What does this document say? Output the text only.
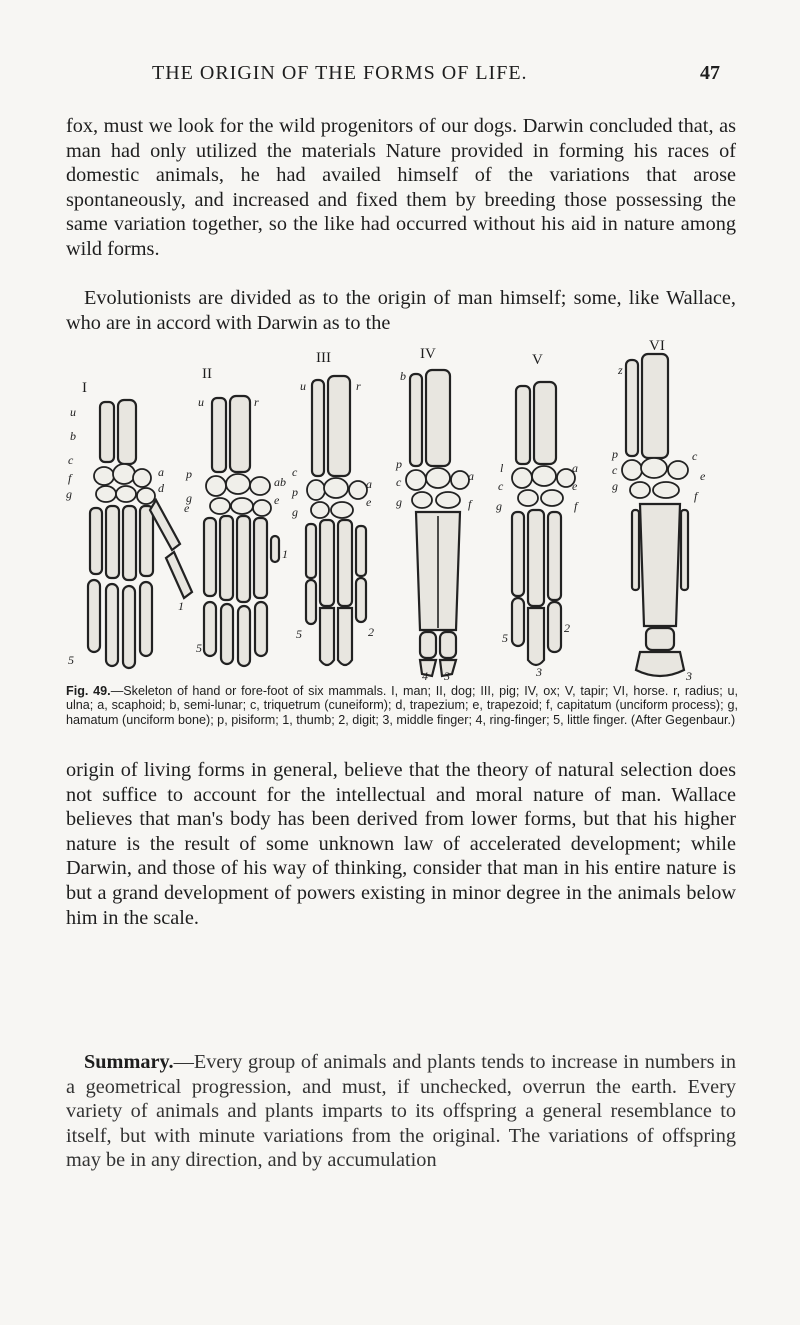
THE ORIGIN OF THE FORMS OF LIFE.	47

fox, must we look for the wild progenitors of our dogs. Darwin concluded that, as man had only utilized the materials Nature provided in forming his races of domestic animals, he had availed himself of the variations that arose spontaneously, and increased and fixed them by breeding those possessing the same variation together, so the like had occurred without his aid in nature among wild forms.

Evolutionists are divided as to the origin of man himself; some, like Wallace, who are in accord with Darwin as to the

I
II
III	IV	V
VI
u
b
c
f
g
a
d
e
1
5
u	r
p
g
ab
e
1
5
u	r
c
p
g
a
e
5	2
b
p
c
g
a
f
4 3
l
c
g
a
e
f
5
2
3
z
p
c
g
c
e
f
3

Fig. 49.—Skeleton of hand or fore-foot of six mammals. I, man; II, dog; III, pig; IV, ox; V, tapir; VI, horse. r, radius; u, ulna; a, scaphoid; b, semi-lunar; c, triquetrum (cuneiform); d, trapezium; e, trapezoid; f, capitatum (unciform process); g, hamatum (unciform bone); p, pisiform; 1, thumb; 2, digit; 3, middle finger; 4, ring-finger; 5, little finger. (After Gegenbaur.)

origin of living forms in general, believe that the theory of natural selection does not suffice to account for the intellectual and moral nature of man. Wallace believes that man's body has been derived from lower forms, but that his higher nature is the result of some unknown law of accelerated development; while Darwin, and those of his way of thinking, consider that man in his entire nature is but a grand development of powers existing in minor degree in the animals below him in the scale.

Summary.—Every group of animals and plants tends to increase in numbers in a geometrical progression, and must, if unchecked, overrun the earth. Every variety of animals and plants imparts to its offspring a general resemblance to itself, but with minute variations from the original. The variations of offspring may be in any direction, and by accumulation
